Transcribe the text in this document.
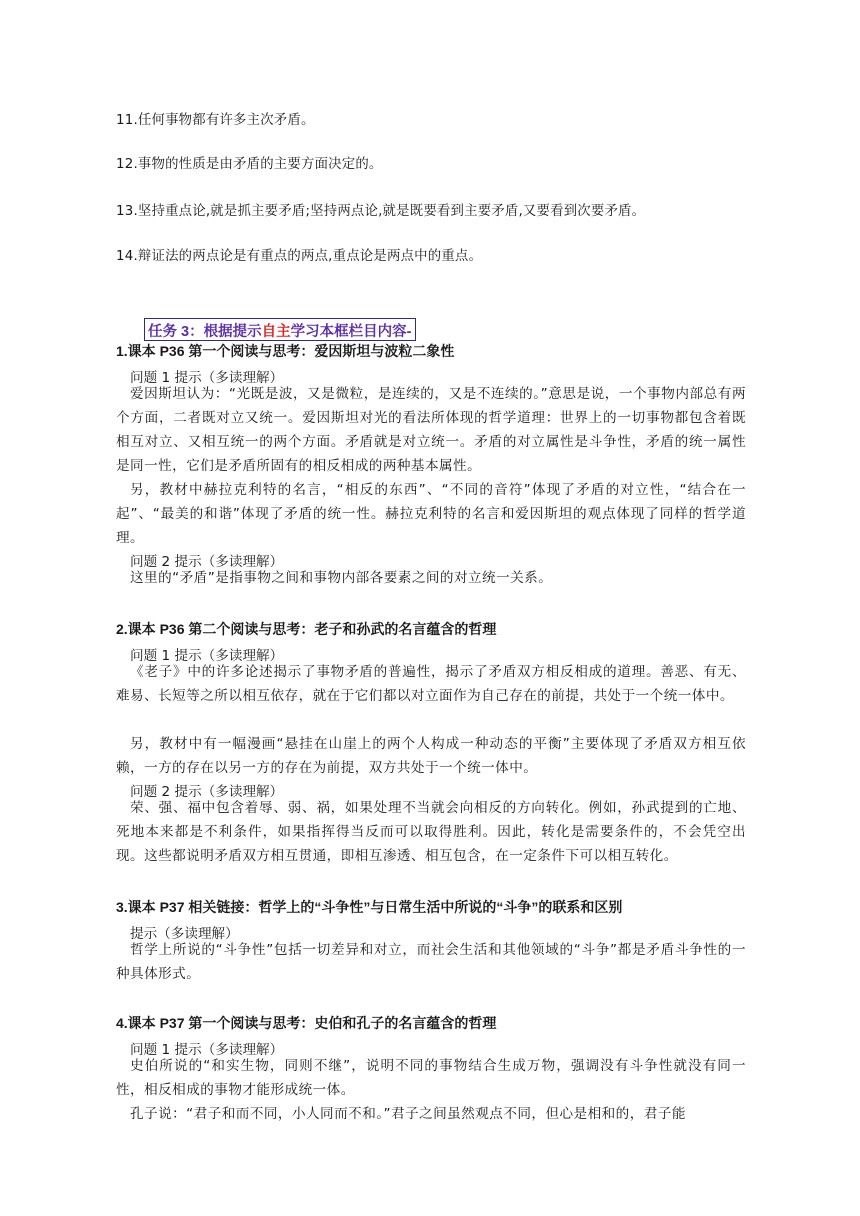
11.任何事物都有许多主次矛盾。
12.事物的性质是由矛盾的主要方面决定的。
13.坚持重点论,就是抓主要矛盾;坚持两点论,就是既要看到主要矛盾,又要看到次要矛盾。
14.辩证法的两点论是有重点的两点,重点论是两点中的重点。
任务 3：根据提示自主学习本框栏目内容-
1.课本 P36 第一个阅读与思考：爱因斯坦与波粒二象性
问题 1 提示（多读理解）
爱因斯坦认为：“光既是波，又是微粒，是连续的，又是不连续的。”意思是说，一个事物内部总有两个方面，二者既对立又统一。爱因斯坦对光的看法所体现的哲学道理：世界上的一切事物都包含着既相互对立、又相互统一的两个方面。矛盾就是对立统一。矛盾的对立属性是斗争性，矛盾的统一属性是同一性，它们是矛盾所固有的相反相成的两种基本属性。
另，教材中赫拉克利特的名言，“相反的东西”、“不同的音符”体现了矛盾的对立性，“结合在一起”、“最美的和谐”体现了矛盾的统一性。赫拉克利特的名言和爱因斯坦的观点体现了同样的哲学道理。
问题 2 提示（多读理解）
这里的“矛盾”是指事物之间和事物内部各要素之间的对立统一关系。
2.课本 P36 第二个阅读与思考：老子和孙武的名言蕴含的哲理
问题 1 提示（多读理解）
《老子》中的许多论述揭示了事物矛盾的普遍性，揭示了矛盾双方相反相成的道理。善恶、有无、难易、长短等之所以相互依存，就在于它们都以对立面作为自己存在的前提，共处于一个统一体中。
另，教材中有一幅漫画“悬挂在山崖上的两个人构成一种动态的平衡”主要体现了矛盾双方相互依赖，一方的存在以另一方的存在为前提，双方共处于一个统一体中。
问题 2 提示（多读理解）
荣、强、福中包含着辱、弱、祸，如果处理不当就会向相反的方向转化。例如，孙武提到的亡地、死地本来都是不利条件，如果指挥得当反而可以取得胜利。因此，转化是需要条件的，不会凭空出现。这些都说明矛盾双方相互贯通，即相互渗透、相互包含，在一定条件下可以相互转化。
3.课本 P37 相关链接：哲学上的“斗争性”与日常生活中所说的“斗争”的联系和区别
提示（多读理解）
哲学上所说的“斗争性”包括一切差异和对立，而社会生活和其他领域的“斗争”都是矛盾斗争性的一种具体形式。
4.课本 P37 第一个阅读与思考：史伯和孔子的名言蕴含的哲理
问题 1 提示（多读理解）
史伯所说的“和实生物，同则不继”，说明不同的事物结合生成万物，强调没有斗争性就没有同一性，相反相成的事物才能形成统一体。
孔子说：“君子和而不同，小人同而不和。”君子之间虽然观点不同，但心是相和的，君子能
